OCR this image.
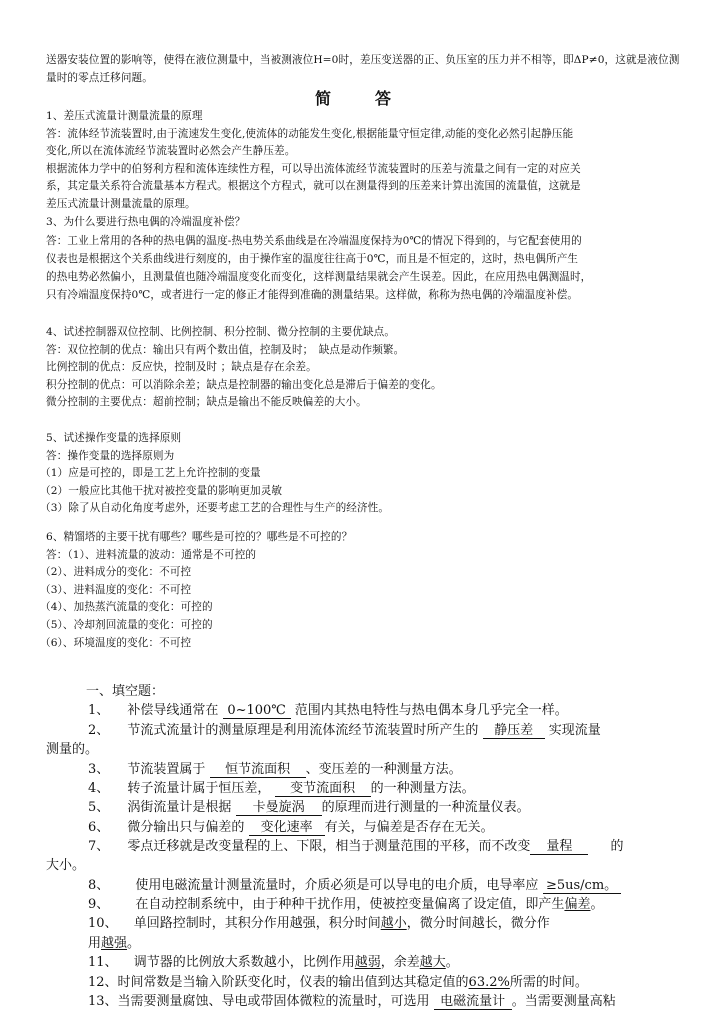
送器安装位置的影响等，使得在液位测量中，当被测液位H=0时，差压变送器的正、负压室的压力并不相等，即ΔP≠0，这就是液位测量时的零点迁移问题。
简　答
1、差压式流量计测量流量的原理
答：流体经节流装置时,由于流速发生变化,使流体的动能发生变化,根据能量守恒定律,动能的变化必然引起静压能
变化,所以在流体流经节流装置时必然会产生静压差。
根据流体力学中的伯努利方程和流体连续性方程，可以导出流体流经节流装置时的压差与流量之间有一定的对应关
系，其定量关系符合流量基本方程式。根据这个方程式，就可以在测量得到的压差来计算出流国的流量值，这就是
差压式流量计测量流量的原理。
3、为什么要进行热电偶的冷端温度补偿？
答：工业上常用的各种的热电偶的温度-热电势关系曲线是在冷端温度保持为0℃的情况下得到的，与它配套使用的
仪表也是根据这个关系曲线进行刻度的，由于操作室的温度往往高于0℃，而且是不恒定的，这时，热电偶所产生
的热电势必然偏小，且测量值也随冷端温度变化而变化，这样测量结果就会产生误差。因此，在应用热电偶测温时，
只有冷端温度保持0℃，或者进行一定的修正才能得到准确的测量结果。这样做，称称为热电偶的冷端温度补偿。
4、试述控制器双位控制、比例控制、积分控制、微分控制的主要优缺点。
答：双位控制的优点：输出只有两个数出值，控制及时；　缺点是动作频繁。
比例控制的优点：反应快，控制及时 ；缺点是存在余差。
积分控制的优点：可以消除余差；缺点是控制器的输出变化总是滞后于偏差的变化。
微分控制的主要优点：超前控制；缺点是输出不能反映偏差的大小。
5、试述操作变量的选择原则
答：操作变量的选择原则为
（1）应是可控的，即是工艺上允许控制的变量
（2）一般应比其他干扰对被控变量的影响更加灵敏
（3）除了从自动化角度考虑外，还要考虑工艺的合理性与生产的经济性。
6、精馏塔的主要干扰有哪些？哪些是可控的？哪些是不可控的？
答：（1）、进料流量的波动：通常是不可控的
（2）、进料成分的变化：不可控
（3）、进料温度的变化：不可控
（4）、加热蒸汽流量的变化：可控的
（5）、冷却剂回流量的变化：可控的
（6）、环境温度的变化：不可控
一、填空题：
1、 补偿导线通常在 0~100℃ 范围内其热电特性与热电偶本身几乎完全一样。
2、 节流式流量计的测量原理是利用流体流经节流装置时所产生的 静压差 实现流量
测量的。
3、 节流装置属于 恒节流面积 、变压差的一种测量方法。
4、 转子流量计属于恒压差， 变节流面积 的一种测量方法。
5、 涡街流量计是根据 卡曼旋涡 的原理而进行测量的一种流量仪表。
6、 微分输出只与偏差的 变化速率 有关，与偏差是否存在无关。
7、 零点迁移就是改变量程的上、下限，相当于测量范围的平移，而不改变 量程	的
大小。
8、 使用电磁流量计测量流量时，介质必须是可以导电的电介质，电导率应 ≥5us/cm。
9、 在自动控制系统中，由于种种干扰作用，使被控变量偏离了设定值，即产生偏差。
10、 单回路控制时，其积分作用越强，积分时间越小，微分时间越长，微分作
用越强。
11、 调节器的比例放大系数越小，比例作用越弱，余差越大。
12、时间常数是当输入阶跃变化时，仪表的输出值到达其稳定值的63.2%所需的时间。
13、当需要测量腐蚀、导电或带固体微粒的流量时，可选用 电磁流量计 。当需要测量高粘
